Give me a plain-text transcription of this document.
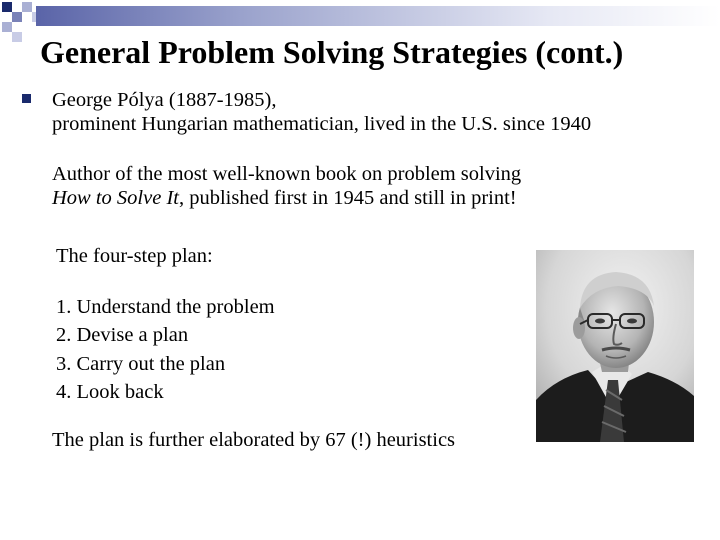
General Problem Solving Strategies (cont.)
George Pólya (1887-1985),
prominent Hungarian mathematician, lived in the U.S. since 1940
Author of the most well-known book on problem solving
How to Solve It, published first in 1945 and still in print!
The four-step plan:
1. Understand the problem
2. Devise a plan
3. Carry out the plan
4. Look back
The plan is further elaborated by 67 (!) heuristics
